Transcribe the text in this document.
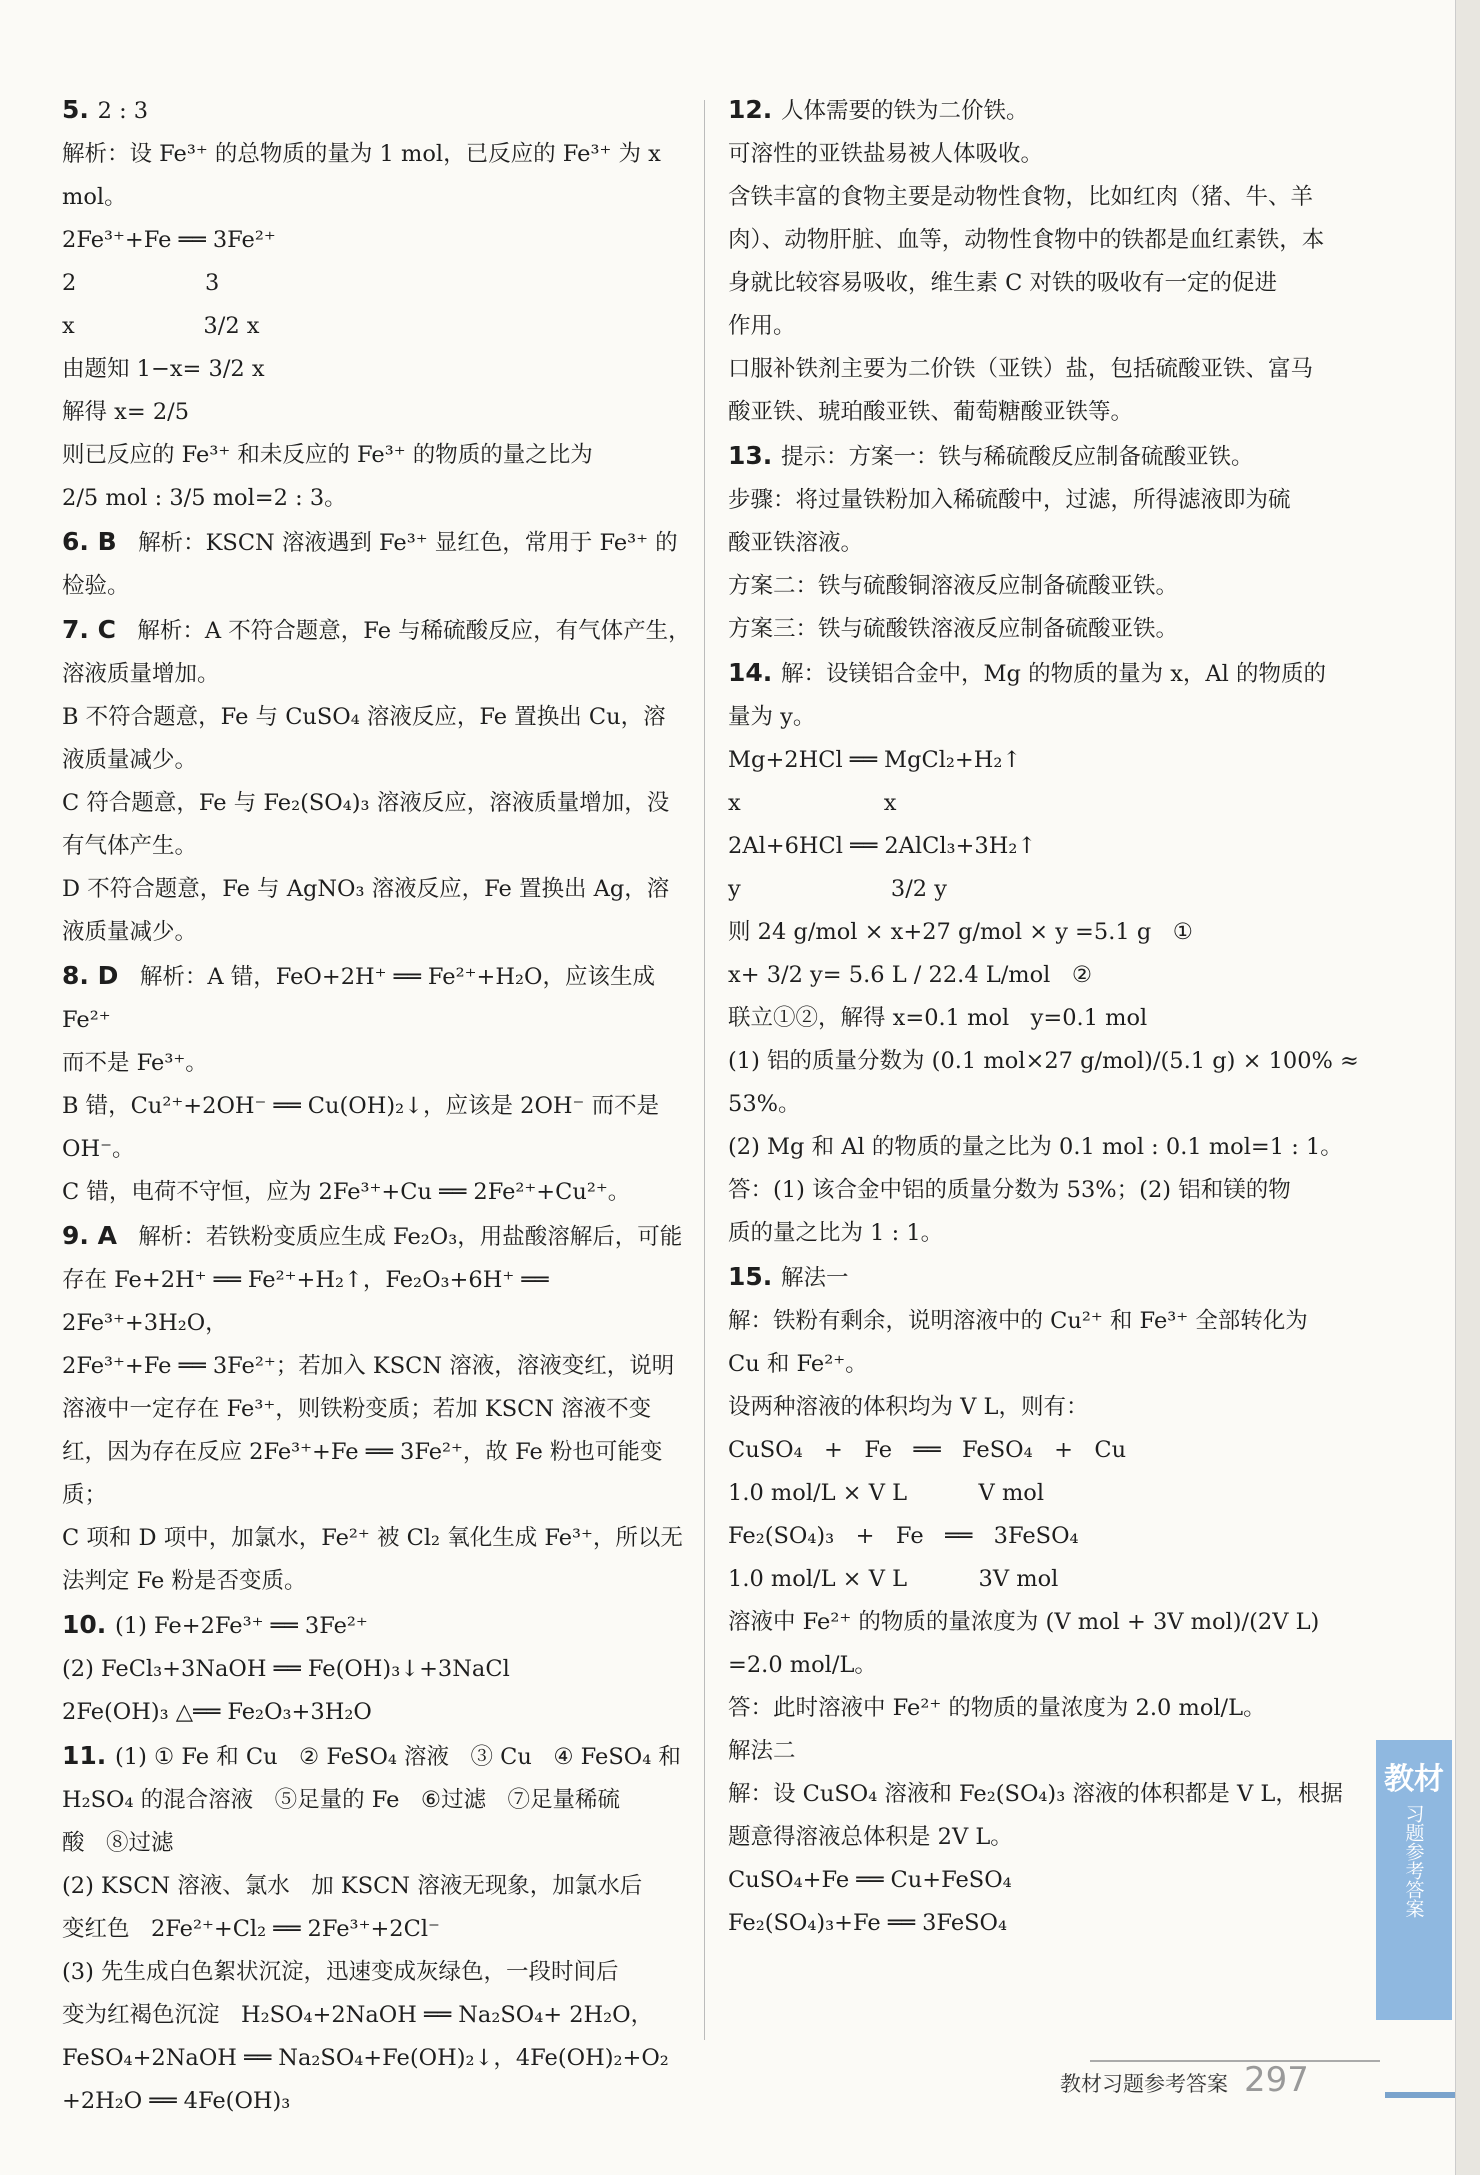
5. 2 : 3

解析：设 Fe³⁺ 的总物质的量为 1 mol，已反应的 Fe³⁺ 为 x mol。

2Fe³⁺+Fe ══ 3Fe²⁺

2                  3

x                  3/2 x

由题知 1−x= 3/2 x

解得 x= 2/5

则已反应的 Fe³⁺ 和未反应的 Fe³⁺ 的物质的量之比为

2/5 mol : 3/5 mol=2 : 3。

6. B   解析：KSCN 溶液遇到 Fe³⁺ 显红色，常用于 Fe³⁺ 的

检验。

7. C   解析：A 不符合题意，Fe 与稀硫酸反应，有气体产生，

溶液质量增加。

B 不符合题意，Fe 与 CuSO₄ 溶液反应，Fe 置换出 Cu，溶

液质量减少。

C 符合题意，Fe 与 Fe₂(SO₄)₃ 溶液反应，溶液质量增加，没

有气体产生。

D 不符合题意，Fe 与 AgNO₃ 溶液反应，Fe 置换出 Ag，溶

液质量减少。

8. D   解析：A 错，FeO+2H⁺ ══ Fe²⁺+H₂O，应该生成 Fe²⁺

而不是 Fe³⁺。

B 错，Cu²⁺+2OH⁻ ══ Cu(OH)₂↓，应该是 2OH⁻ 而不是 OH⁻。

C 错，电荷不守恒，应为 2Fe³⁺+Cu ══ 2Fe²⁺+Cu²⁺。

9. A   解析：若铁粉变质应生成 Fe₂O₃，用盐酸溶解后，可能

存在 Fe+2H⁺ ══ Fe²⁺+H₂↑，Fe₂O₃+6H⁺ ══ 2Fe³⁺+3H₂O，

2Fe³⁺+Fe ══ 3Fe²⁺；若加入 KSCN 溶液，溶液变红，说明

溶液中一定存在 Fe³⁺，则铁粉变质；若加 KSCN 溶液不变

红，因为存在反应 2Fe³⁺+Fe ══ 3Fe²⁺，故 Fe 粉也可能变质；

C 项和 D 项中，加氯水，Fe²⁺ 被 Cl₂ 氧化生成 Fe³⁺，所以无

法判定 Fe 粉是否变质。

10. (1) Fe+2Fe³⁺ ══ 3Fe²⁺

(2) FeCl₃+3NaOH ══ Fe(OH)₃↓+3NaCl

2Fe(OH)₃ △══ Fe₂O₃+3H₂O

11. (1) ① Fe 和 Cu   ② FeSO₄ 溶液   ③ Cu   ④ FeSO₄ 和

H₂SO₄ 的混合溶液   ⑤足量的 Fe   ⑥过滤   ⑦足量稀硫

酸   ⑧过滤

(2) KSCN 溶液、氯水   加 KSCN 溶液无现象，加氯水后

变红色   2Fe²⁺+Cl₂ ══ 2Fe³⁺+2Cl⁻

(3) 先生成白色絮状沉淀，迅速变成灰绿色，一段时间后

变为红褐色沉淀   H₂SO₄+2NaOH ══ Na₂SO₄+ 2H₂O，

FeSO₄+2NaOH ══ Na₂SO₄+Fe(OH)₂↓，4Fe(OH)₂+O₂

+2H₂O ══ 4Fe(OH)₃

12. 人体需要的铁为二价铁。

可溶性的亚铁盐易被人体吸收。

含铁丰富的食物主要是动物性食物，比如红肉（猪、牛、羊

肉）、动物肝脏、血等，动物性食物中的铁都是血红素铁，本

身就比较容易吸收，维生素 C 对铁的吸收有一定的促进

作用。

口服补铁剂主要为二价铁（亚铁）盐，包括硫酸亚铁、富马

酸亚铁、琥珀酸亚铁、葡萄糖酸亚铁等。

13. 提示：方案一：铁与稀硫酸反应制备硫酸亚铁。

步骤：将过量铁粉加入稀硫酸中，过滤，所得滤液即为硫

酸亚铁溶液。

方案二：铁与硫酸铜溶液反应制备硫酸亚铁。

方案三：铁与硫酸铁溶液反应制备硫酸亚铁。

14. 解：设镁铝合金中，Mg 的物质的量为 x，Al 的物质的

量为 y。

Mg+2HCl ══ MgCl₂+H₂↑

x                    x

2Al+6HCl ══ 2AlCl₃+3H₂↑

y                     3/2 y

则 24 g/mol × x+27 g/mol × y =5.1 g   ①

x+ 3/2 y= 5.6 L / 22.4 L/mol   ②

联立①②，解得 x=0.1 mol   y=0.1 mol

(1) 铝的质量分数为 (0.1 mol×27 g/mol)/(5.1 g) × 100% ≈ 53%。

(2) Mg 和 Al 的物质的量之比为 0.1 mol : 0.1 mol=1 : 1。

答：(1) 该合金中铝的质量分数为 53%；(2) 铝和镁的物

质的量之比为 1 : 1。

15. 解法一

解：铁粉有剩余，说明溶液中的 Cu²⁺ 和 Fe³⁺ 全部转化为

Cu 和 Fe²⁺。

设两种溶液的体积均为 V L，则有：

CuSO₄   +   Fe   ══   FeSO₄   +   Cu

1.0 mol/L × V L          V mol

Fe₂(SO₄)₃   +   Fe   ══   3FeSO₄

1.0 mol/L × V L          3V mol

溶液中 Fe²⁺ 的物质的量浓度为 (V mol + 3V mol)/(2V L) =2.0 mol/L。

答：此时溶液中 Fe²⁺ 的物质的量浓度为 2.0 mol/L。

解法二

解：设 CuSO₄ 溶液和 Fe₂(SO₄)₃ 溶液的体积都是 V L，根据

题意得溶液总体积是 2V L。

CuSO₄+Fe ══ Cu+FeSO₄

Fe₂(SO₄)₃+Fe ══ 3FeSO₄

教材
习题参考答案
教材习题参考答案 297
